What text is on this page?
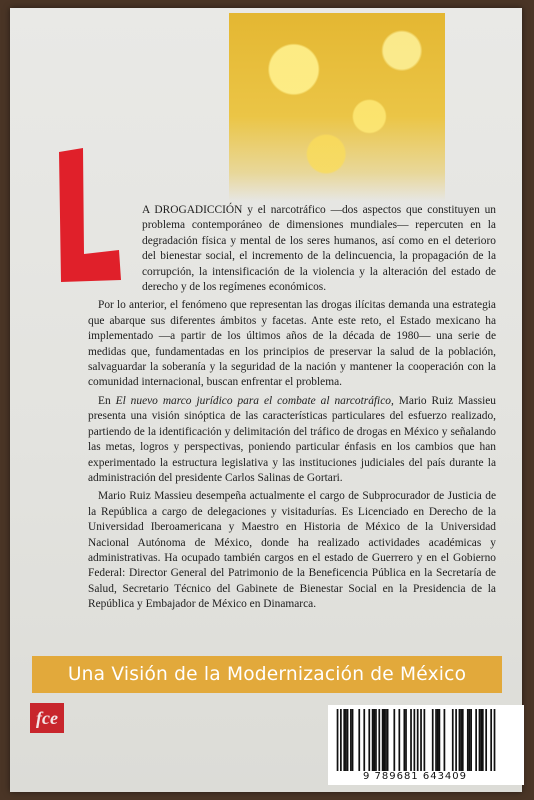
A DROGADICCIÓN y el narcotráfico —dos aspectos que constituyen un problema contemporáneo de dimensiones mundiales— repercuten en la degradación física y mental de los seres humanos, así como en el deterioro del bienestar social, el incremento de la delincuencia, la propagación de la corrupción, la intensificación de la violencia y la alteración del estado de derecho y de los regímenes económicos.

Por lo anterior, el fenómeno que representan las drogas ilícitas demanda una estrategia que abarque sus diferentes ámbitos y facetas. Ante este reto, el Estado mexicano ha implementado —a partir de los últimos años de la década de 1980— una serie de medidas que, fundamentadas en los principios de preservar la salud de la población, salvaguardar la soberanía y la seguridad de la nación y mantener la cooperación con la comunidad internacional, buscan enfrentar el problema.

En El nuevo marco jurídico para el combate al narcotráfico, Mario Ruiz Massieu presenta una visión sinóptica de las características particulares del esfuerzo realizado, partiendo de la identificación y delimitación del tráfico de drogas en México y señalando las metas, logros y perspectivas, poniendo particular énfasis en los cambios que han experimentado la estructura legislativa y las instituciones judiciales del país durante la administración del presidente Carlos Salinas de Gortari.

Mario Ruiz Massieu desempeña actualmente el cargo de Subprocurador de Justicia de la República a cargo de delegaciones y visitadurías. Es Licenciado en Derecho de la Universidad Iberoamericana y Maestro en Historia de México de la Universidad Nacional Autónoma de México, donde ha realizado actividades académicas y administrativas. Ha ocupado también cargos en el estado de Guerrero y en el Gobierno Federal: Director General del Patrimonio de la Beneficencia Pública en la Secretaría de Salud, Secretario Técnico del Gabinete de Bienestar Social en la Presidencia de la República y Embajador de México en Dinamarca.

Una Visión de la Modernización de México
fce
9 789681 643409
